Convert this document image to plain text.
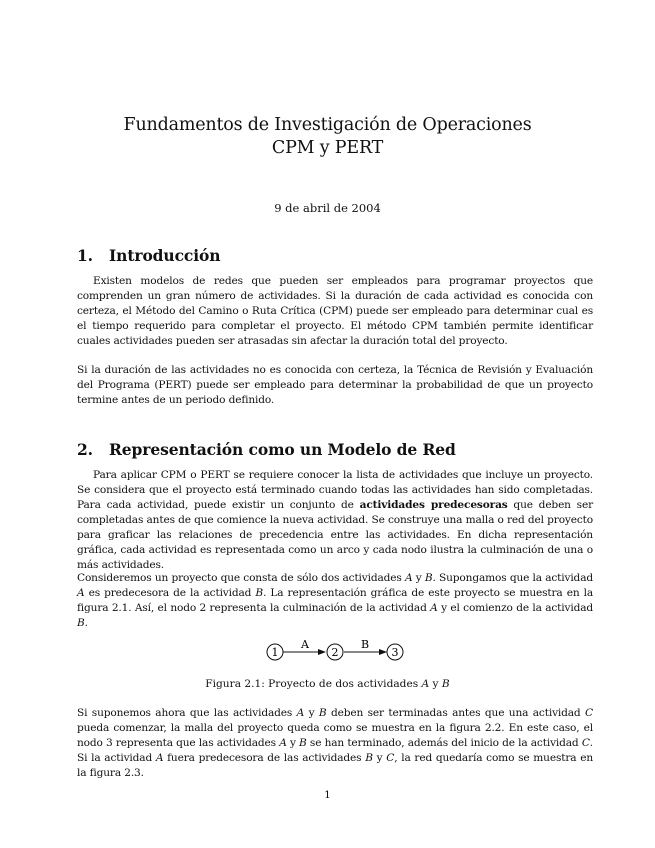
Fundamentos de Investigación de Operaciones
CPM y PERT
9 de abril de 2004
1. Introducción

Existen modelos de redes que pueden ser empleados para programar proyectos que comprenden un gran número de actividades. Si la duración de cada actividad es conocida con certeza, el Método del Camino o Ruta Crítica (CPM) puede ser empleado para determinar cual es el tiempo requerido para completar el proyecto. El método CPM también permite identificar cuales actividades pueden ser atrasadas sin afectar la duración total del proyecto.

Si la duración de las actividades no es conocida con certeza, la Técnica de Revisión y Evaluación del Programa (PERT) puede ser empleado para determinar la probabilidad de que un proyecto termine antes de un periodo definido.

2. Representación como un Modelo de Red

Para aplicar CPM o PERT se requiere conocer la lista de actividades que incluye un proyecto. Se considera que el proyecto está terminado cuando todas las actividades han sido completadas. Para cada actividad, puede existir un conjunto de actividades predecesoras que deben ser completadas antes de que comience la nueva actividad. Se construye una malla o red del proyecto para graficar las relaciones de precedencia entre las actividades. En dicha representación gráfica, cada actividad es representada como un arco y cada nodo ilustra la culminación de una o más actividades.

Consideremos un proyecto que consta de sólo dos actividades A y B. Supongamos que la actividad A es predecesora de la actividad B. La representación gráfica de este proyecto se muestra en la figura 2.1. Así, el nodo 2 representa la culminación de la actividad A y el comienzo de la actividad B.

1	2	3
A	B
Figura 2.1: Proyecto de dos actividades A y B

Si suponemos ahora que las actividades A y B deben ser terminadas antes que una actividad C pueda comenzar, la malla del proyecto queda como se muestra en la figura 2.2. En este caso, el nodo 3 representa que las actividades A y B se han terminado, además del inicio de la actividad C. Si la actividad A fuera predecesora de las actividades B y C, la red quedaría como se muestra en la figura 2.3.

1
